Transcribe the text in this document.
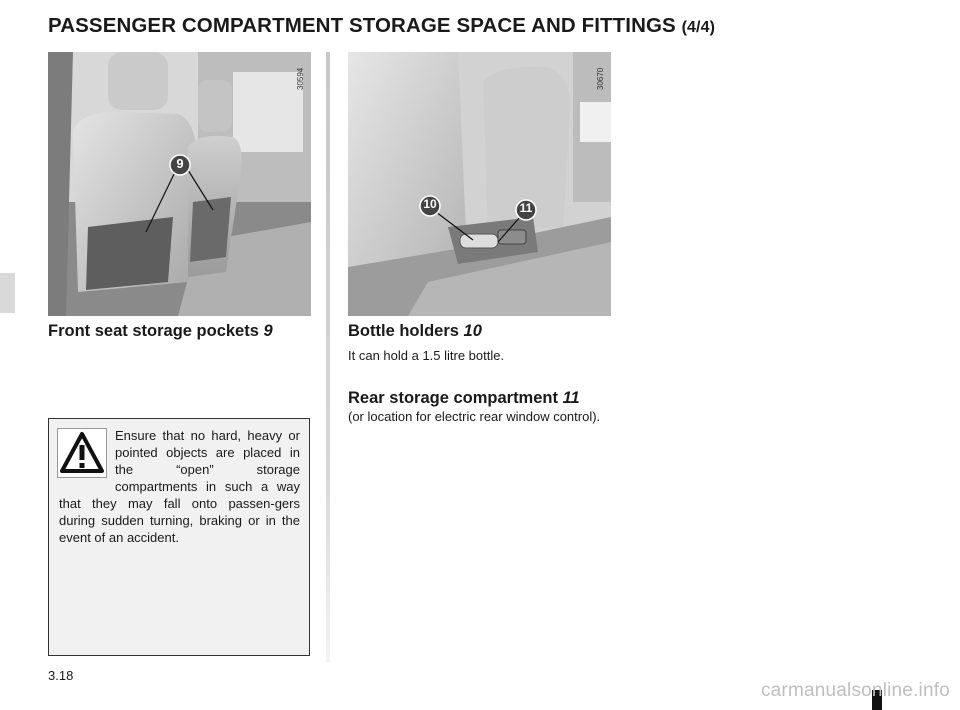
PASSENGER COMPARTMENT STORAGE SPACE AND FITTINGS (4/4)
30594
9
30670
10	11
Front seat storage pockets 9	Bottle holders 10
It can hold a 1.5 litre bottle.
Rear storage compartment 11
(or location for electric rear window control).
Ensure that no hard, heavy or pointed objects are placed in the “open” storage compartments in such a way that they may fall onto passen-gers during sudden turning, braking or in the event of an accident.
3.18
carmanualsonline.info
